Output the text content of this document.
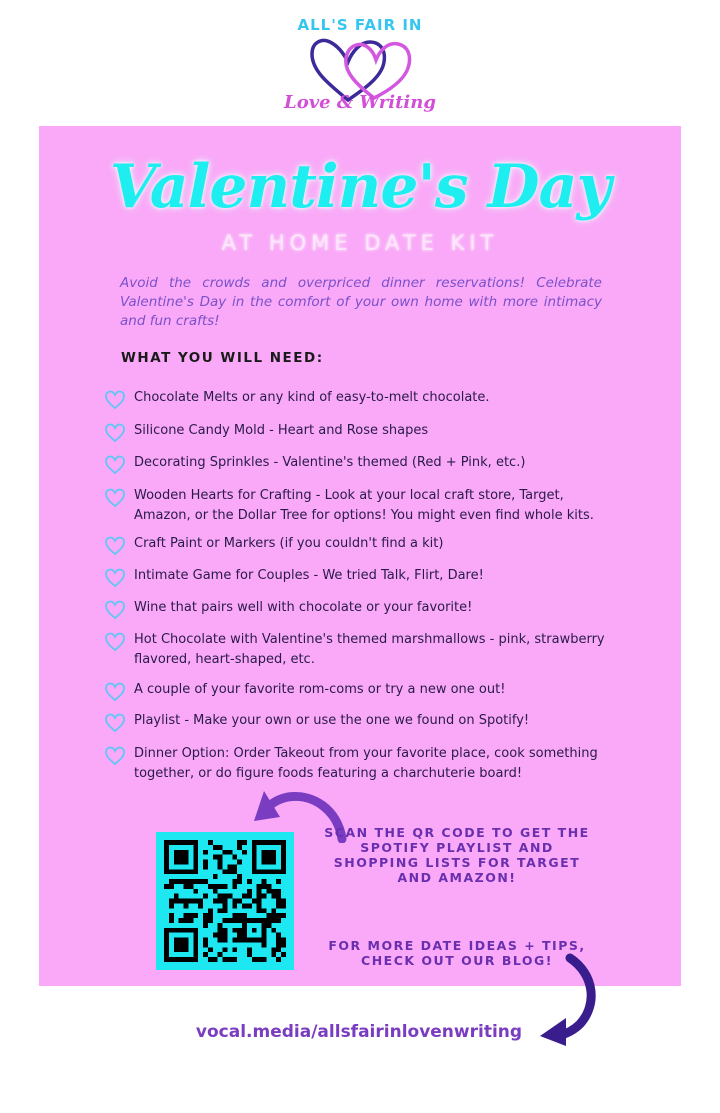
ALL'S FAIR IN
Love & Writing
Valentine's Day
AT HOME DATE KIT

Avoid the crowds and overpriced dinner reservations! Celebrate Valentine's Day in the comfort of your own home with more intimacy and fun crafts!

WHAT YOU WILL NEED:
Chocolate Melts or any kind of easy-to-melt chocolate.
Silicone Candy Mold - Heart and Rose shapes
Decorating Sprinkles - Valentine's themed (Red + Pink, etc.)
Wooden Hearts for Crafting - Look at your local craft store, Target, Amazon, or the Dollar Tree for options! You might even find whole kits.
Craft Paint or Markers (if you couldn't find a kit)
Intimate Game for Couples - We tried Talk, Flirt, Dare!
Wine that pairs well with chocolate or your favorite!
Hot Chocolate with Valentine's themed marshmallows - pink, strawberry flavored, heart-shaped, etc.
A couple of your favorite rom-coms or try a new one out!
Playlist - Make your own or use the one we found on Spotify!
Dinner Option: Order Takeout from your favorite place, cook something together, or do figure foods featuring a charchuterie board!
SCAN THE QR CODE TO GET THE SPOTIFY PLAYLIST AND SHOPPING LISTS FOR TARGET AND AMAZON!
FOR MORE DATE IDEAS + TIPS, CHECK OUT OUR BLOG!
vocal.media/allsfairinlovenwriting
